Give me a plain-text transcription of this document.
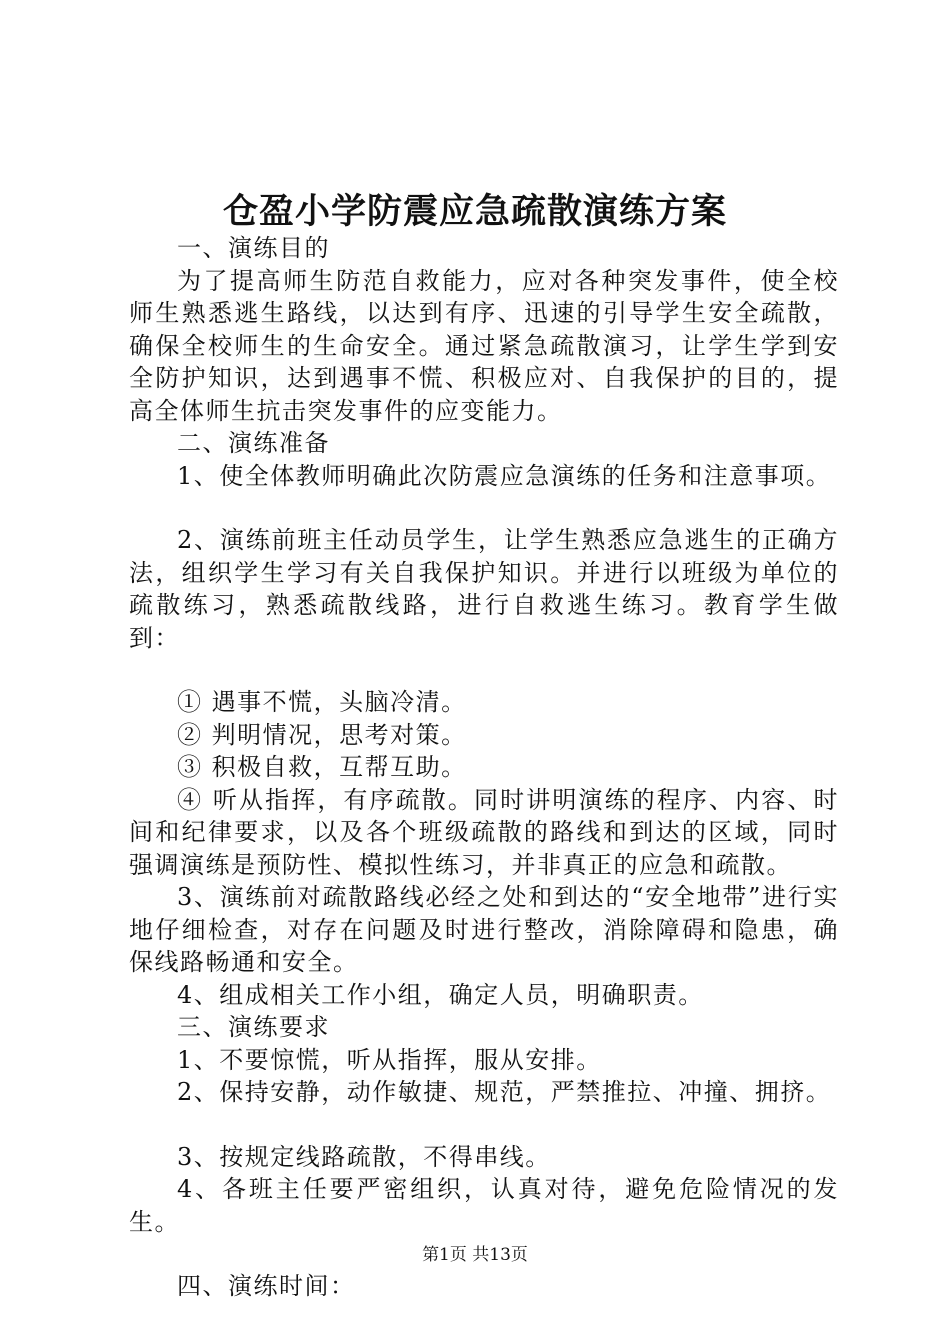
仓盈小学防震应急疏散演练方案

一、演练目的

为了提高师生防范自救能力，应对各种突发事件，使全校师生熟悉逃生路线，以达到有序、迅速的引导学生安全疏散，确保全校师生的生命安全。通过紧急疏散演习，让学生学到安全防护知识，达到遇事不慌、积极应对、自我保护的目的，提高全体师生抗击突发事件的应变能力。

二、演练准备

1、使全体教师明确此次防震应急演练的任务和注意事项。

2、演练前班主任动员学生，让学生熟悉应急逃生的正确方法，组织学生学习有关自我保护知识。并进行以班级为单位的疏散练习，熟悉疏散线路，进行自救逃生练习。教育学生做到：

① 遇事不慌，头脑冷清。

② 判明情况，思考对策。

③ 积极自救，互帮互助。

④ 听从指挥，有序疏散。同时讲明演练的程序、内容、时间和纪律要求，以及各个班级疏散的路线和到达的区域，同时强调演练是预防性、模拟性练习，并非真正的应急和疏散。

3、演练前对疏散路线必经之处和到达的“安全地带”进行实地仔细检查，对存在问题及时进行整改，消除障碍和隐患，确保线路畅通和安全。

4、组成相关工作小组，确定人员，明确职责。

三、演练要求

1、不要惊慌，听从指挥，服从安排。

2、保持安静，动作敏捷、规范，严禁推拉、冲撞、拥挤。

3、按规定线路疏散，不得串线。

4、各班主任要严密组织，认真对待，避免危险情况的发生。

四、演练时间：

第1页 共13页
